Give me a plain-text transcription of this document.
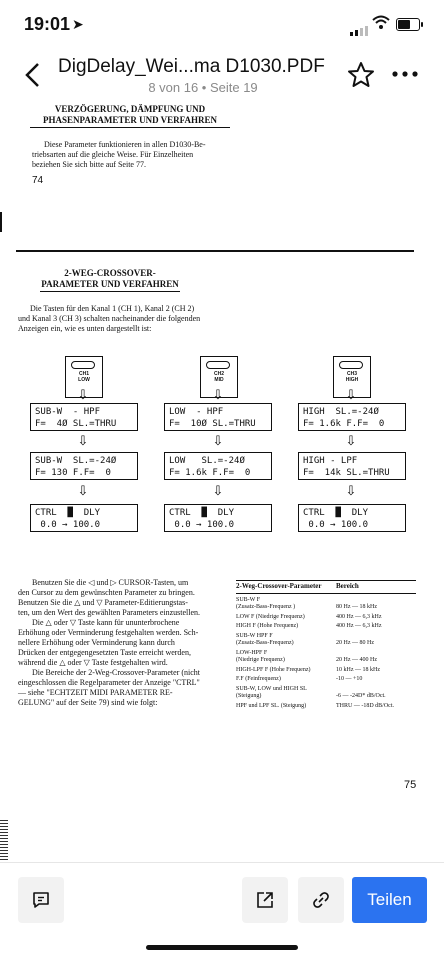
19:01 ➤
DigDelay_Wei...ma D1030.PDF
8 von 16 • Seite 19
VERZÖGERUNG, DÄMPFUNG UND
PHASENPARAMETER UND VERFAHREN
Diese Parameter funktionieren in allen D1030-Be-
triebsarten auf die gleiche Weise. Für Einzelheiten
beziehen Sie sich bitte auf Seite 77.
74
2-WEG-CROSSOVER-
PARAMETER UND VERFAHREN
Die Tasten für den Kanal 1 (CH 1), Kanal 2 (CH 2)
und Kanal 3 (CH 3) schalten nacheinander die folgenden
Anzeigen ein, wie es unten dargestellt ist:
CH1
LOW
⇩
SUB-W  - HPF
F=  4Ø SL.=THRU
⇩
SUB-W  SL.=-24Ø
F= 130 F.F=  0
⇩
CTRL  █  DLY
0.0 → 100.0
CH2
MID
⇩
LOW  - HPF
F=  10Ø SL.=THRU
⇩
LOW   SL.=-24Ø
F= 1.6k F.F=  0
⇩
CTRL  █  DLY
0.0 → 100.0
CH3
HIGH
⇩
HIGH  SL.=-24Ø
F= 1.6k F.F=  0
⇩
HIGH - LPF
F=  14k SL.=THRU
⇩
CTRL  █  DLY
0.0 → 100.0
Benutzen Sie die ◁ und ▷ CURSOR-Tasten, um
den Cursor zu dem gewünschten Parameter zu bringen.
Benutzen Sie die △ und ▽ Parameter-Editierungstas-
ten, um den Wert des gewählten Parameters einzustellen.
Die △ oder ▽ Taste kann für ununterbrochene
Erhöhung oder Verminderung festgehalten werden. Sch-
nellere Erhöhung oder Verminderung kann durch
Drücken der entgegengesetzten Taste erreicht werden,
während die △ oder ▽ Taste festgehalten wird.
Die Bereiche der 2-Weg-Crossover-Parameter (nicht
eingeschlossen die Regelparameter der Anzeige "CTRL"
— siehe "ECHTZEIT MIDI PARAMETER RE-
GELUNG" auf der Seite 79) sind wie folgt:
2-Weg-Crossover-Parameter	Bereich
SUB-W F
(Zusatz-Bass-Frequenz )	80 Hz — 18 kHz
LOW F (Niedrige Frequenz)	400 Hz — 6,3 kHz
HIGH F (Hohe Frequenz)	400 Hz — 6,3 kHz
SUB-W HPF F
(Zusatz-Bass-Frequenz)	20 Hz — 80 Hz
LOW-HPF F
(Niedrige Frequenz)	20 Hz — 400 Hz
HIGH-LPF F (Hohe Frequenz)	10 kHz — 18 kHz
F.F (Feinfrequenz)	-10 — +10
SUB-W, LOW und HIGH SL
(Steigung)	-6 — -24D* dB/Oct.
HPF und LPF SL. (Steigung)	THRU — -18D dB/Oct.
75
Teilen
